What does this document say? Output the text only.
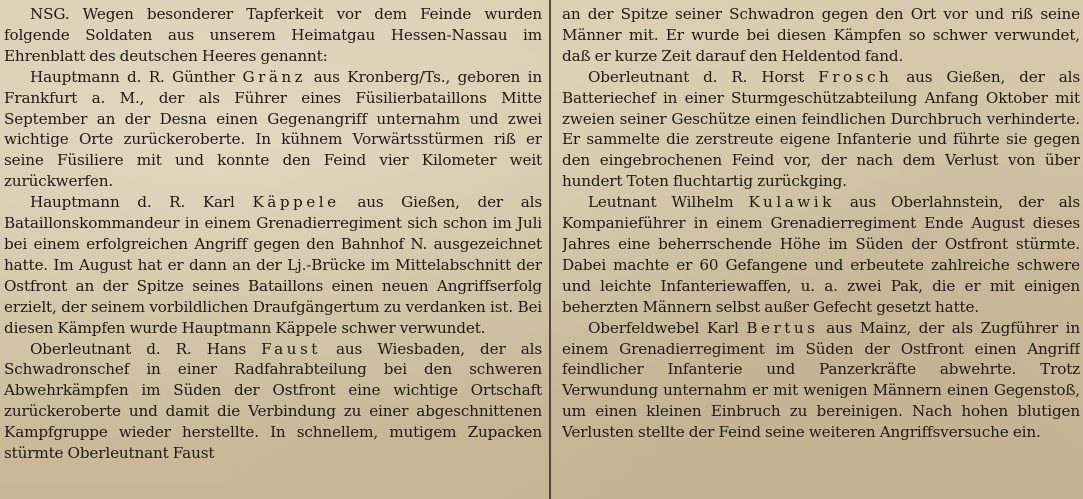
NSG. Wegen besonderer Tapferkeit vor dem Feinde wurden folgende Soldaten aus unserem Heimatgau Hessen-Nassau im Ehrenblatt des deutschen Heeres genannt:

Hauptmann d. R. Günther Gränz aus Kronberg/Ts., geboren in Frankfurt a. M., der als Führer eines Füsilierbataillons Mitte September an der Desna einen Gegenangriff unternahm und zwei wichtige Orte zurückeroberte. In kühnem Vorwärtsstürmen riß er seine Füsiliere mit und konnte den Feind vier Kilometer weit zurückwerfen.

Hauptmann d. R. Karl Käppele aus Gießen, der als Bataillonskommandeur in einem Grenadierregiment sich schon im Juli bei einem erfolgreichen Angriff gegen den Bahnhof N. ausgezeichnet hatte. Im August hat er dann an der Lj.-Brücke im Mittelabschnitt der Ostfront an der Spitze seines Bataillons einen neuen Angriffserfolg erzielt, der seinem vorbildlichen Draufgängertum zu verdanken ist. Bei diesen Kämpfen wurde Hauptmann Käppele schwer verwundet.

Oberleutnant d. R. Hans Faust aus Wiesbaden, der als Schwadronschef in einer Radfahrabteilung bei den schweren Abwehrkämpfen im Süden der Ostfront eine wichtige Ortschaft zurückeroberte und damit die Verbindung zu einer abgeschnittenen Kampfgruppe wieder herstellte. In schnellem, mutigem Zupacken stürmte Oberleutnant Faust

an der Spitze seiner Schwadron gegen den Ort vor und riß seine Männer mit. Er wurde bei diesen Kämpfen so schwer verwundet, daß er kurze Zeit darauf den Heldentod fand.

Oberleutnant d. R. Horst Frosch aus Gießen, der als Batteriechef in einer Sturmgeschützabteilung Anfang Oktober mit zweien seiner Geschütze einen feindlichen Durchbruch verhinderte. Er sammelte die zerstreute eigene Infanterie und führte sie gegen den eingebrochenen Feind vor, der nach dem Verlust von über hundert Toten fluchtartig zurückging.

Leutnant Wilhelm Kulawik aus Oberlahnstein, der als Kompanieführer in einem Grenadierregiment Ende August dieses Jahres eine beherrschende Höhe im Süden der Ostfront stürmte. Dabei machte er 60 Gefangene und erbeutete zahlreiche schwere und leichte Infanteriewaffen, u. a. zwei Pak, die er mit einigen beherzten Männern selbst außer Gefecht gesetzt hatte.

Oberfeldwebel Karl Bertus aus Mainz, der als Zugführer in einem Grenadierregiment im Süden der Ostfront einen Angriff feindlicher Infanterie und Panzerkräfte abwehrte. Trotz Verwundung unternahm er mit wenigen Männern einen Gegenstoß, um einen kleinen Einbruch zu bereinigen. Nach hohen blutigen Verlusten stellte der Feind seine weiteren Angriffsversuche ein.
